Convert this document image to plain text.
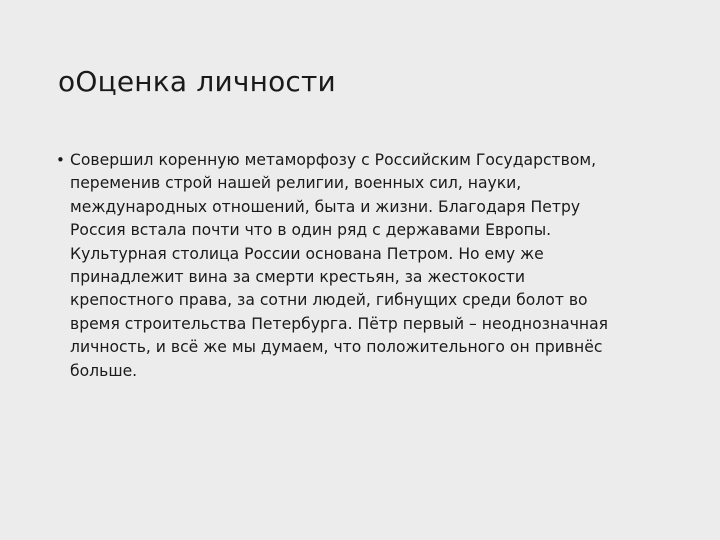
oОценка личности
• Совершил коренную метаморфозу с Российским Государством,
переменив строй нашей религии, военных сил, науки,
международных отношений, быта и жизни. Благодаря Петру
Россия встала почти что в один ряд с державами Европы.
Культурная столица России основана Петром. Но ему же
принадлежит вина за смерти крестьян, за жестокости
крепостного права, за сотни людей, гибнущих среди болот во
время строительства Петербурга. Пётр первый – неоднозначная
личность, и всё же мы думаем, что положительного он привнёс
больше.
